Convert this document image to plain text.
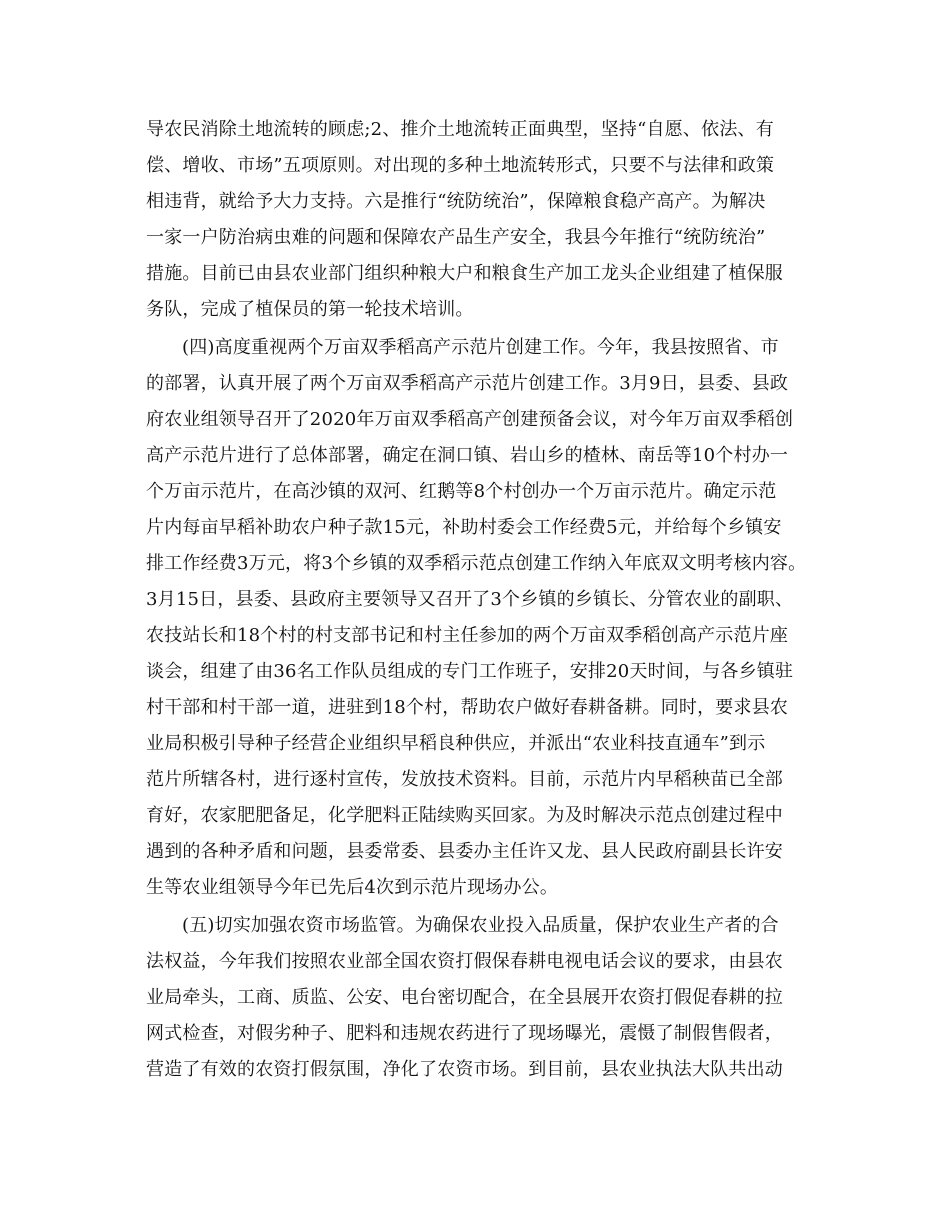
导农民消除土地流转的顾虑;2、推介土地流转正面典型，坚持“自愿、依法、有
偿、增收、市场”五项原则。对出现的多种土地流转形式，只要不与法律和政策
相违背，就给予大力支持。六是推行“统防统治”，保障粮食稳产高产。为解决
一家一户防治病虫难的问题和保障农产品生产安全，我县今年推行“统防统治”
措施。目前已由县农业部门组织种粮大户和粮食生产加工龙头企业组建了植保服
务队，完成了植保员的第一轮技术培训。
(四)高度重视两个万亩双季稻高产示范片创建工作。今年，我县按照省、市
的部署，认真开展了两个万亩双季稻高产示范片创建工作。3月9日，县委、县政
府农业组领导召开了2020年万亩双季稻高产创建预备会议，对今年万亩双季稻创
高产示范片进行了总体部署，确定在洞口镇、岩山乡的楂林、南岳等10个村办一
个万亩示范片，在高沙镇的双河、红鹅等8个村创办一个万亩示范片。确定示范
片内每亩早稻补助农户种子款15元，补助村委会工作经费5元，并给每个乡镇安
排工作经费3万元，将3个乡镇的双季稻示范点创建工作纳入年底双文明考核内容。
3月15日，县委、县政府主要领导又召开了3个乡镇的乡镇长、分管农业的副职、
农技站长和18个村的村支部书记和村主任参加的两个万亩双季稻创高产示范片座
谈会，组建了由36名工作队员组成的专门工作班子，安排20天时间，与各乡镇驻
村干部和村干部一道，进驻到18个村，帮助农户做好春耕备耕。同时，要求县农
业局积极引导种子经营企业组织早稻良种供应，并派出“农业科技直通车”到示
范片所辖各村，进行逐村宣传，发放技术资料。目前，示范片内早稻秧苗已全部
育好，农家肥肥备足，化学肥料正陆续购买回家。为及时解决示范点创建过程中
遇到的各种矛盾和问题，县委常委、县委办主任许又龙、县人民政府副县长许安
生等农业组领导今年已先后4次到示范片现场办公。
(五)切实加强农资市场监管。为确保农业投入品质量，保护农业生产者的合
法权益，今年我们按照农业部全国农资打假保春耕电视电话会议的要求，由县农
业局牵头，工商、质监、公安、电台密切配合，在全县展开农资打假促春耕的拉
网式检查，对假劣种子、肥料和违规农药进行了现场曝光，震慑了制假售假者，
营造了有效的农资打假氛围，净化了农资市场。到目前，县农业执法大队共出动
